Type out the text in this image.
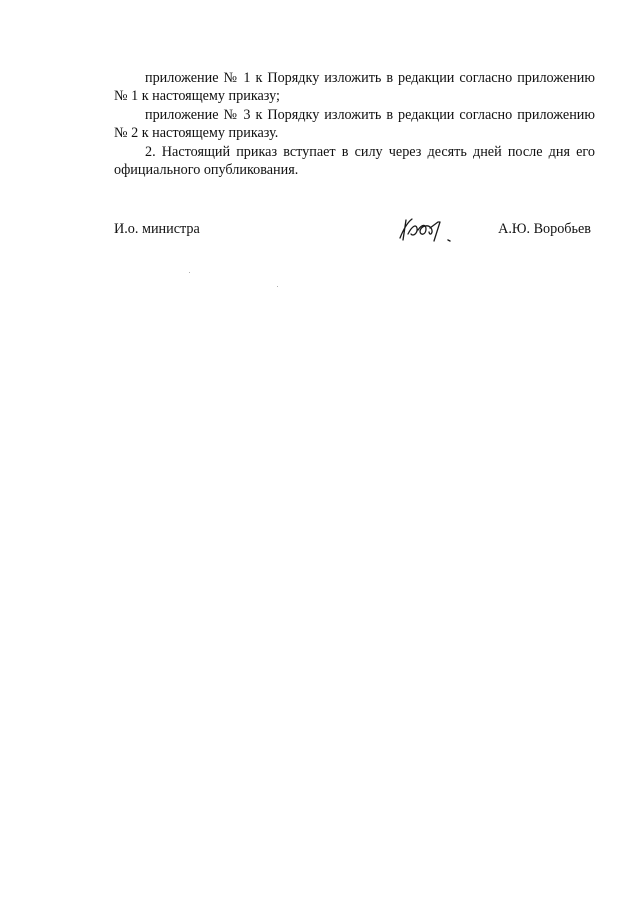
приложение № 1 к Порядку изложить в редакции согласно приложению № 1 к настоящему приказу;

приложение № 3 к Порядку изложить в редакции согласно приложению № 2 к настоящему приказу.

2. Настоящий приказ вступает в силу через десять дней после дня его официального опубликования.

И.о. министра	А.Ю. Воробьев
